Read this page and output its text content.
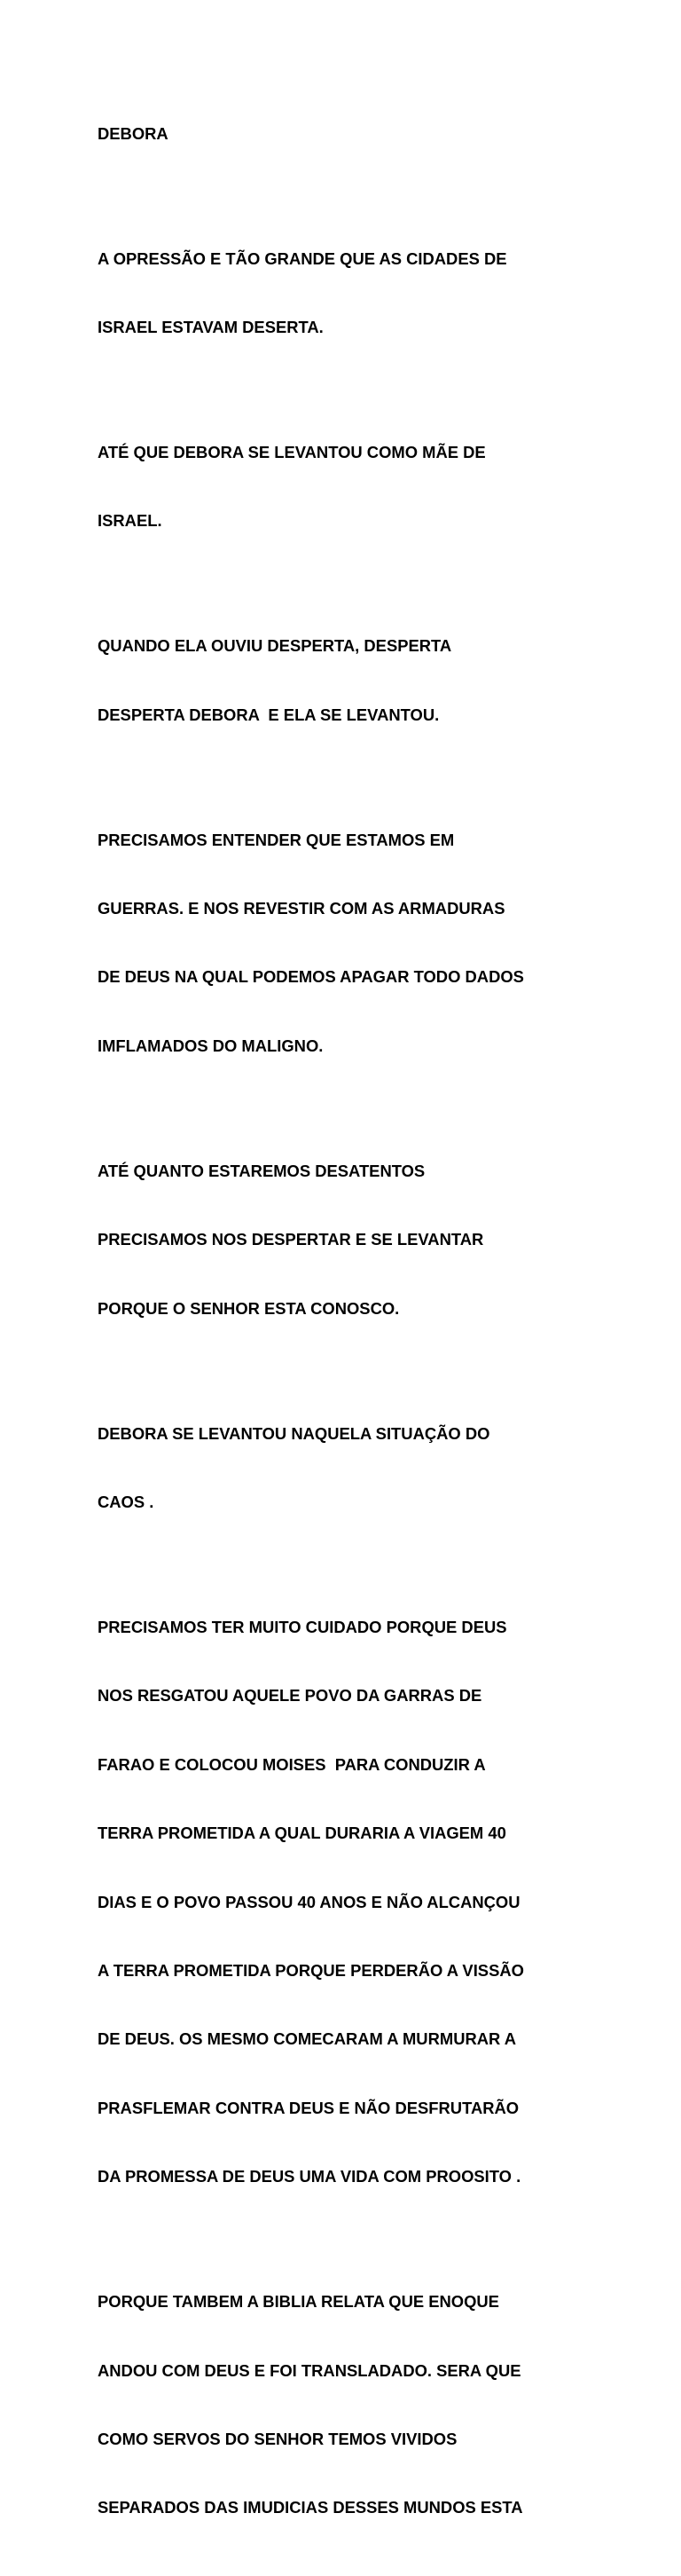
DEBORA

A OPRESSÃO E TÃO GRANDE QUE AS CIDADES DE

ISRAEL ESTAVAM DESERTA.

ATÉ QUE DEBORA SE LEVANTOU COMO MÃE DE

ISRAEL.

QUANDO ELA OUVIU DESPERTA, DESPERTA

DESPERTA DEBORA  E ELA SE LEVANTOU.

PRECISAMOS ENTENDER QUE ESTAMOS EM

GUERRAS. E NOS REVESTIR COM AS ARMADURAS

DE DEUS NA QUAL PODEMOS APAGAR TODO DADOS

IMFLAMADOS DO MALIGNO.

ATÉ QUANTO ESTAREMOS DESATENTOS

PRECISAMOS NOS DESPERTAR E SE LEVANTAR

PORQUE O SENHOR ESTA CONOSCO.

DEBORA SE LEVANTOU NAQUELA SITUAÇÃO DO

CAOS .

PRECISAMOS TER MUITO CUIDADO PORQUE DEUS

NOS RESGATOU AQUELE POVO DA GARRAS DE

FARAO E COLOCOU MOISES  PARA CONDUZIR A

TERRA PROMETIDA A QUAL DURARIA A VIAGEM 40

DIAS E O POVO PASSOU 40 ANOS E NÃO ALCANÇOU

A TERRA PROMETIDA PORQUE PERDERÃO A VISSÃO

DE DEUS. OS MESMO COMECARAM A MURMURAR A

PRASFLEMAR CONTRA DEUS E NÃO DESFRUTARÃO

DA PROMESSA DE DEUS UMA VIDA COM PROOSITO .

PORQUE TAMBEM A BIBLIA RELATA QUE ENOQUE

ANDOU COM DEUS E FOI TRANSLADADO. SERA QUE

COMO SERVOS DO SENHOR TEMOS VIVIDOS

SEPARADOS DAS IMUDICIAS DESSES MUNDOS ESTA
